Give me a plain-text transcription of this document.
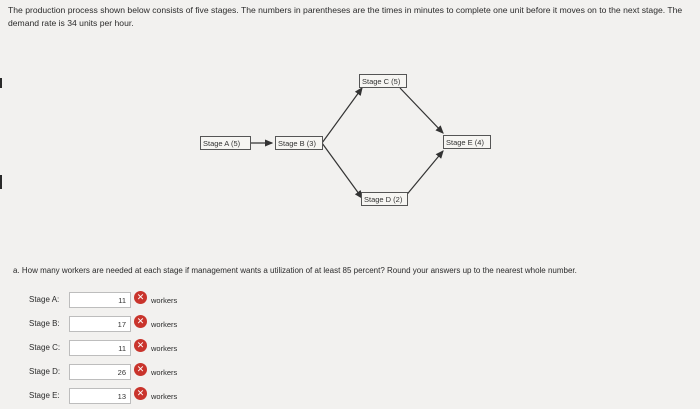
The production process shown below consists of five stages. The numbers in parentheses are the times in minutes to complete one unit before it moves on to the next stage. The demand rate is 34 units per hour.
Stage A (5)	Stage B (3)
Stage C (5)
Stage D (2)
Stage E (4)
a. How many workers are needed at each stage if management wants a utilization of at least 85 percent? Round your answers up to the nearest whole number.
Stage A:	11	✕ workers
Stage B:	17	✕ workers
Stage C:	11	✕ workers
Stage D:	26	✕ workers
Stage E:	13	✕ workers
